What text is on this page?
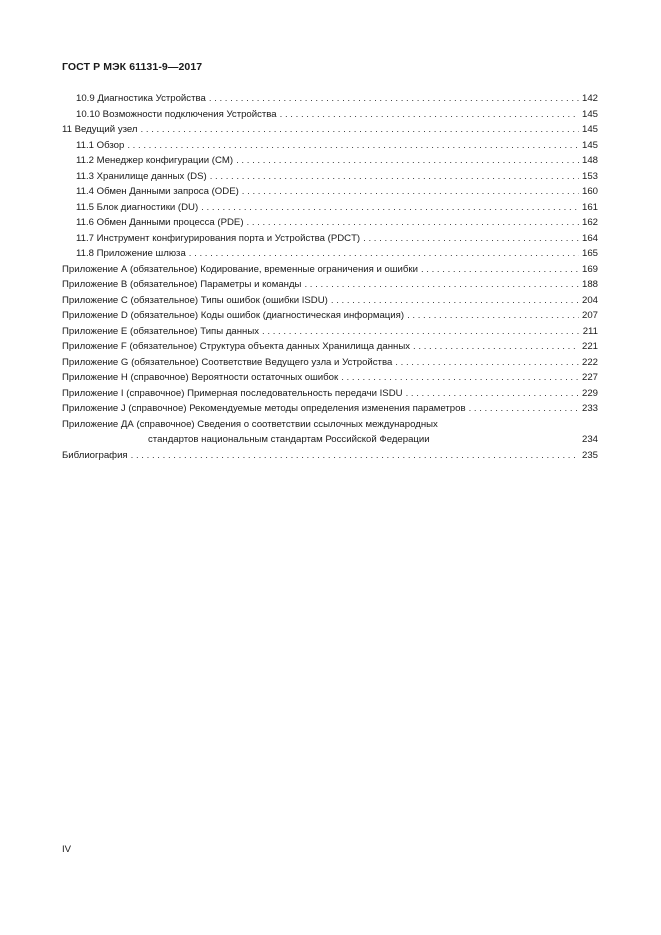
ГОСТ Р МЭК 61131-9—2017
10.9 Диагностика Устройства . . .	142
10.10 Возможности подключения Устройства . . .	145
11 Ведущий узел . . .	145
11.1 Обзор . . .	145
11.2 Менеджер конфигурации (CM) . . .	148
11.3 Хранилище данных (DS) . . .	153
11.4 Обмен Данными запроса (ODE) . . .	160
11.5 Блок диагностики (DU) . . .	161
11.6 Обмен Данными процесса (PDE) . . .	162
11.7 Инструмент конфигурирования порта и Устройства (PDCT) . . .	164
11.8 Приложение шлюза . . .	165
Приложение А (обязательное) Кодирование, временные ограничения и ошибки . . .	169
Приложение В (обязательное) Параметры и команды . . .	188
Приложение С (обязательное) Типы ошибок (ошибки ISDU) . . .	204
Приложение D (обязательное) Коды ошибок (диагностическая информация) . . .	207
Приложение Е (обязательное) Типы данных . . .	211
Приложение F (обязательное) Структура объекта данных Хранилища данных . . .	221
Приложение G (обязательное) Соответствие Ведущего узла и Устройства . . .	222
Приложение Н (справочное) Вероятности остаточных ошибок . . .	227
Приложение I (справочное) Примерная последовательность передачи ISDU . . .	229
Приложение J (справочное) Рекомендуемые методы определения изменения параметров . . .	233
Приложение ДА (справочное) Сведения о соответствии ссылочных международных
стандартов национальным стандартам Российской Федерации	234
Библиография . . .	235
IV
